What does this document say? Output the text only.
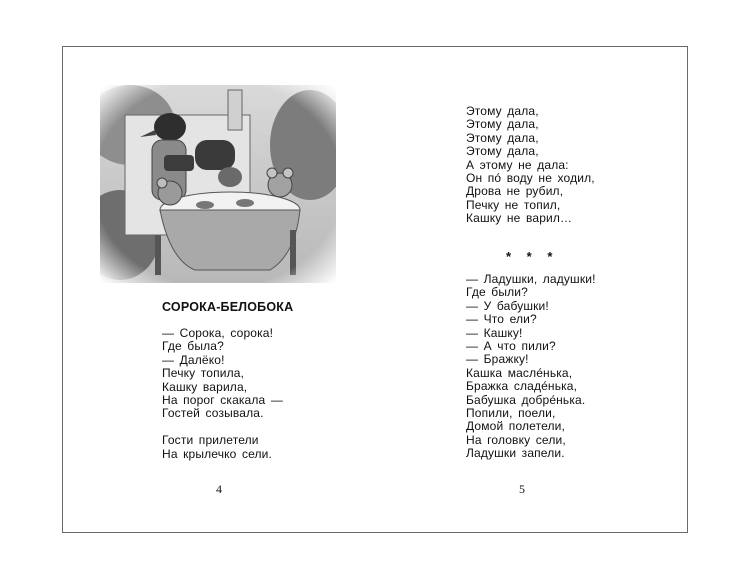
СОРОКА-БЕЛОБОКА
— Сорока, сорока!
Где была?
— Далёко!
Печку топила,
Кашку варила,
На порог скакала —
Гостей созывала.
Гости прилетели
На крылечко сели.

4

Этому дала,
Этому дала,
Этому дала,
Этому дала,
А этому не дала:
Он по́ воду не ходил,
Дрова не рубил,
Печку не топил,
Кашку не варил…

* * *

— Ладушки, ладушки!
Где были?
— У бабушки!
— Что ели?
— Кашку!
— А что пили?
— Бражку!
Кашка масле́нька,
Бражка сладе́нька,
Бабушка добре́нька.
Попили, поели,
Домой полетели,
На головку сели,
Ладушки запели.

5
